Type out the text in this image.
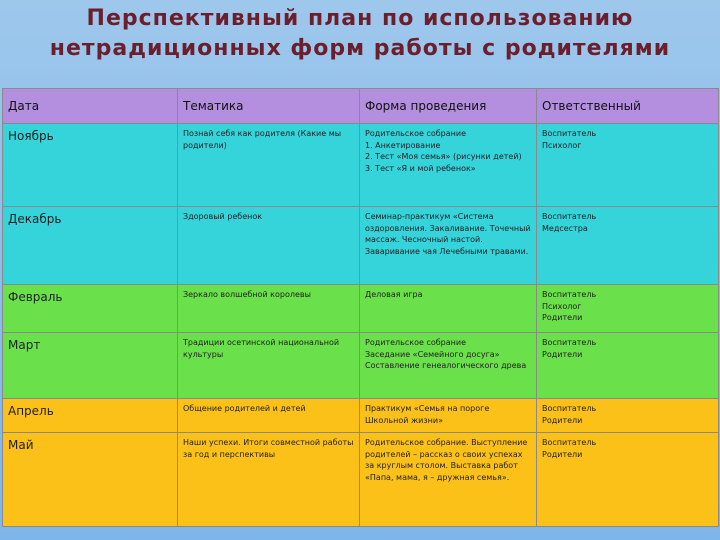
Перспективный план по использованию
нетрадиционных форм работы с родителями
Дата	Тематика	Форма проведения	Ответственный
Ноябрь	Познай себя как родителя (Какие мы родители)	Родительское собрание
1. Анкетирование
2. Тест «Моя семья» (рисунки детей)
3. Тест «Я и мой ребенок»	Воспитатель
Психолог
Декабрь	Здоровый ребенок	Семинар-практикум «Система оздоровления. Закаливание. Точечный массаж. Чесночный настой. Заваривание чая Лечебными травами.	Воспитатель
Медсестра
Февраль	Зеркало волшебной королевы	Деловая игра	Воспитатель
Психолог
Родители
Март	Традиции осетинской национальной культуры	Родительское собрание
Заседание «Семейного досуга»
Составление генеалогического древа	Воспитатель
Родители
Апрель	Общение родителей и детей	Практикум «Семья на пороге Школьной жизни»	Воспитатель
Родители
Май	Наши успехи. Итоги совместной работы за год и перспективы	Родительское собрание. Выступление родителей – рассказ о своих успехах за круглым столом. Выставка работ «Папа, мама, я – дружная семья».	Воспитатель
Родители
